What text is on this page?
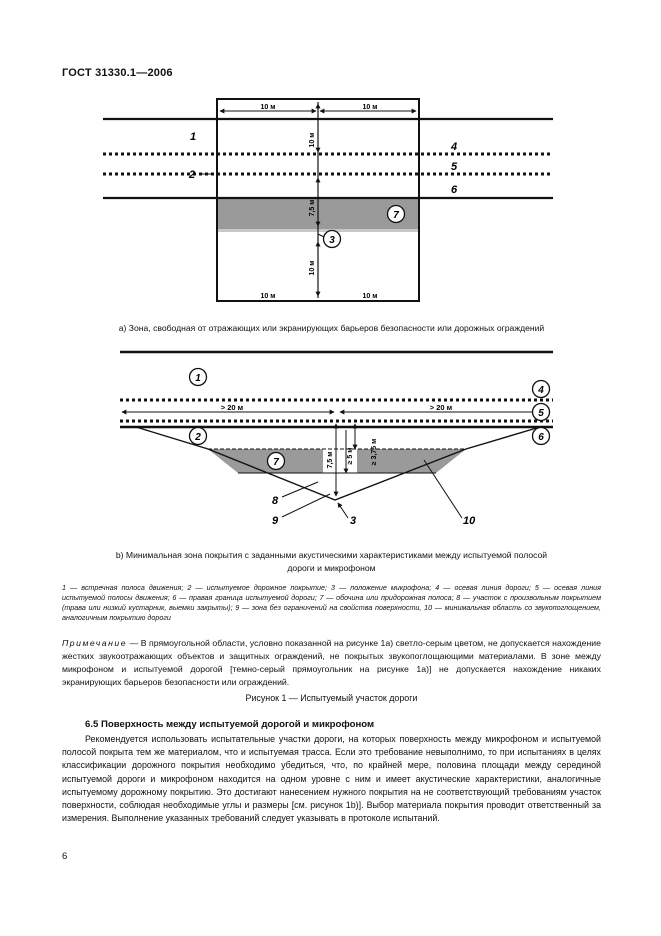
ГОСТ 31330.1—2006
10 м	10 м
10 м	10 м
10 м
7,5 м
10 м
1
2
4
5
6
7
3
> 20 м	> 20 м
7,5 м ≥ 5 м ≥ 3,75 м
1
2
4
5
6
7
8
9	3	10
а) Зона, свободная от отражающих или экранирующих барьеров безопасности или дорожных ограждений
b) Минимальная зона покрытия с заданными акустическими характеристиками между испытуемой полосой
дороги и микрофоном
1 — встречная полоса движения; 2 — испытуемое дорожное покрытие; 3 — положение микрофона; 4 — осевая линия дороги; 5 — осевая линия испытуемой полосы движения; 6 — правая граница испытуемой дороги; 7 — обочина или придорожная полоса; 8 — участок с произвольным покрытием (трава или низкий кустарник, выемки закрыты); 9 — зона без ограничений на свойства поверхности, 10 — минимальная область со звукопоглощением, аналогичным покрытию дороги
Примечание — В прямоугольной области, условно показанной на рисунке 1а) светло-серым цветом, не допускается нахождение жестких звукоотражающих объектов и защитных ограждений, не покрытых звукопоглощающими материалами. В зоне между микрофоном и испытуемой дорогой [темно-серый прямоугольник на рисунке 1а)] не допускается нахождение никаких экранирующих барьеров безопасности или ограждений.
Рисунок 1 — Испытуемый участок дороги
6.5 Поверхность между испытуемой дорогой и микрофоном
Рекомендуется использовать испытательные участки дороги, на которых поверхность между микрофоном и испытуемой полосой покрыта тем же материалом, что и испытуемая трасса. Если это требование невыполнимо, то при испытаниях в целях классификации дорожного покрытия необходимо убедиться, что, по крайней мере, половина площади между серединой испытуемой дороги и микрофоном находится на одном уровне с ним и имеет акустические характеристики, аналогичные испытуемому дорожному покрытию. Это достигают нанесением нужного покрытия на не соответствующий требованиям участок поверхности, соблюдая необходимые углы и размеры [см. рисунок 1b)]. Выбор материала покрытия проводит ответственный за измерения. Выполнение указанных требований следует указывать в протоколе испытаний.
6
